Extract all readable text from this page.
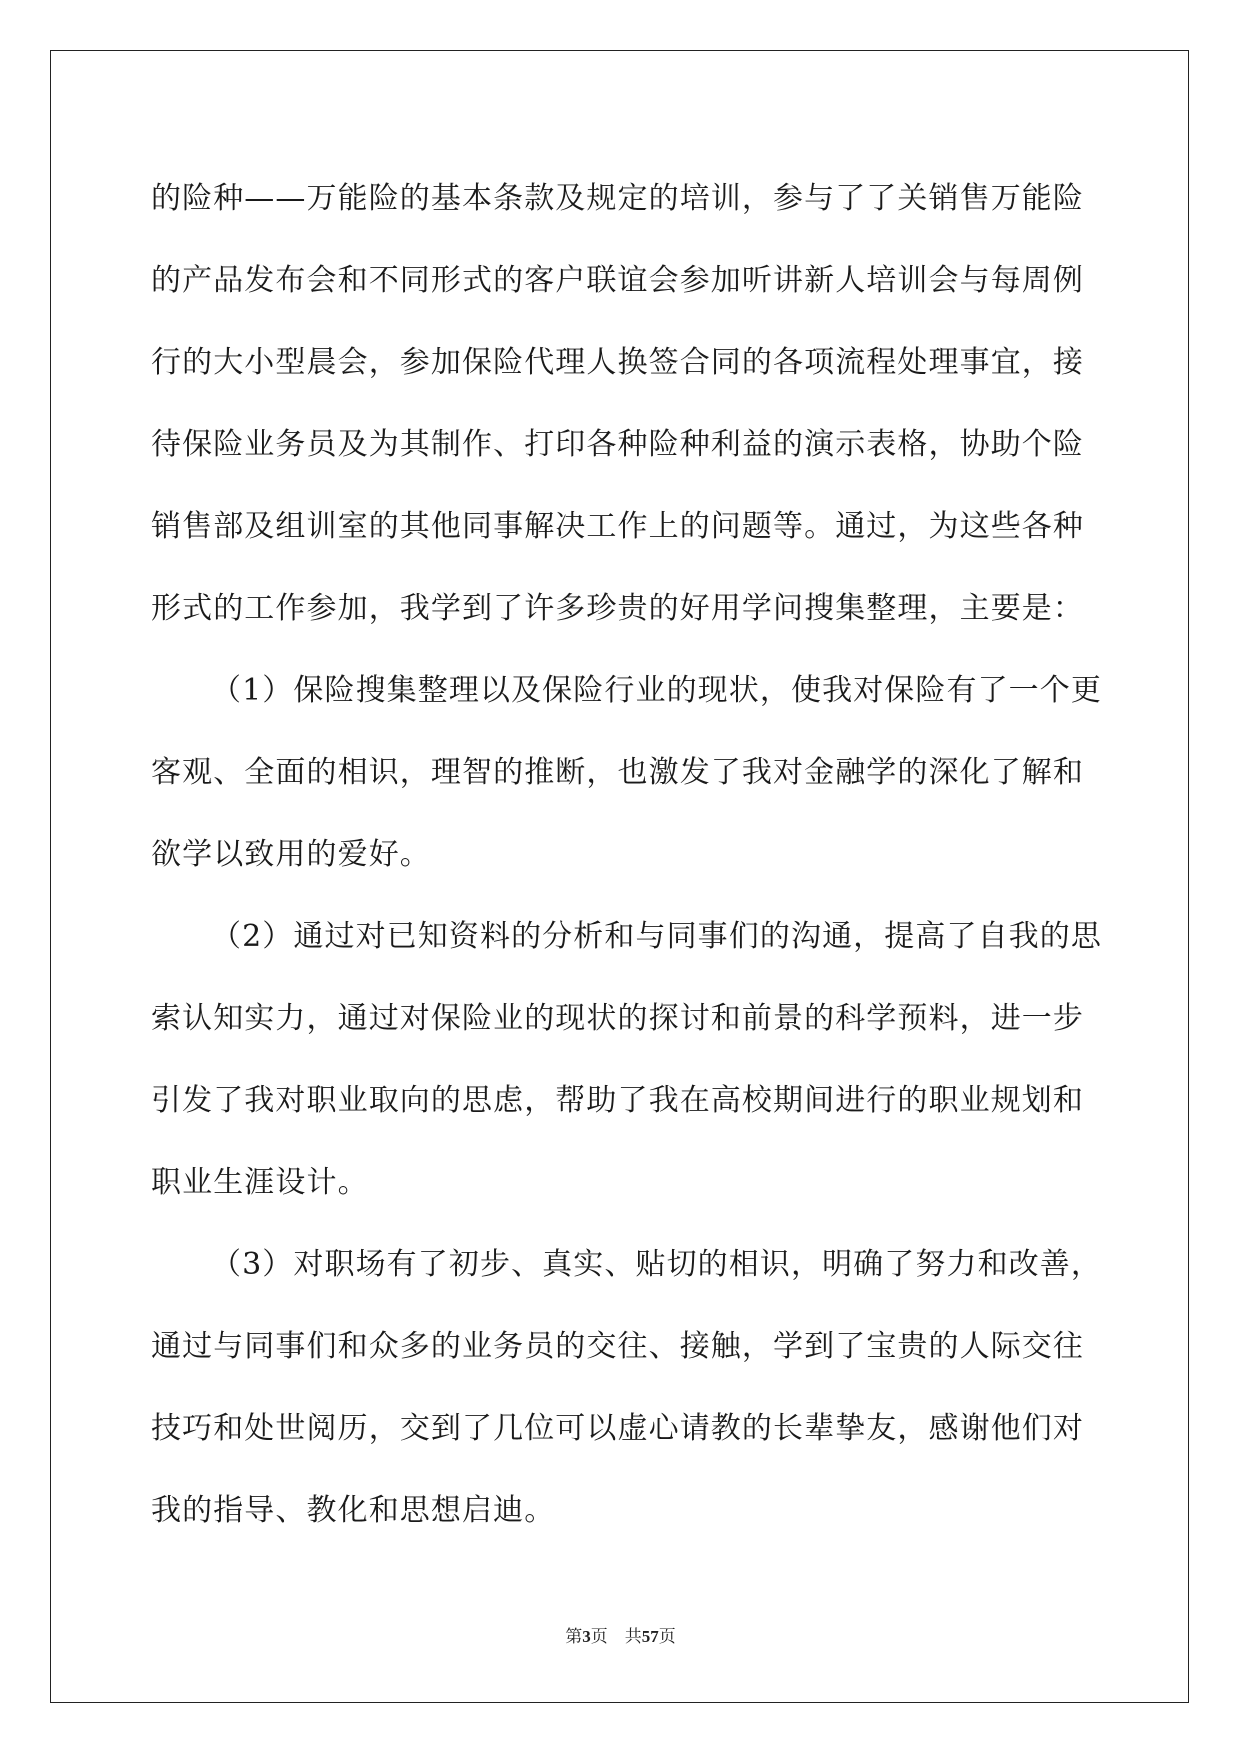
的险种——万能险的基本条款及规定的培训，参与了了关销售万能险
的产品发布会和不同形式的客户联谊会参加听讲新人培训会与每周例
行的大小型晨会，参加保险代理人换签合同的各项流程处理事宜，接
待保险业务员及为其制作、打印各种险种利益的演示表格，协助个险
销售部及组训室的其他同事解决工作上的问题等。通过，为这些各种
形式的工作参加，我学到了许多珍贵的好用学问搜集整理，主要是：
（1）保险搜集整理以及保险行业的现状，使我对保险有了一个更
客观、全面的相识，理智的推断，也激发了我对金融学的深化了解和
欲学以致用的爱好。
（2）通过对已知资料的分析和与同事们的沟通，提高了自我的思
索认知实力，通过对保险业的现状的探讨和前景的科学预料，进一步
引发了我对职业取向的思虑，帮助了我在高校期间进行的职业规划和
职业生涯设计。
（3）对职场有了初步、真实、贴切的相识，明确了努力和改善，
通过与同事们和众多的业务员的交往、接触，学到了宝贵的人际交往
技巧和处世阅历，交到了几位可以虚心请教的长辈挚友，感谢他们对
我的指导、教化和思想启迪。
第3页 共57页
